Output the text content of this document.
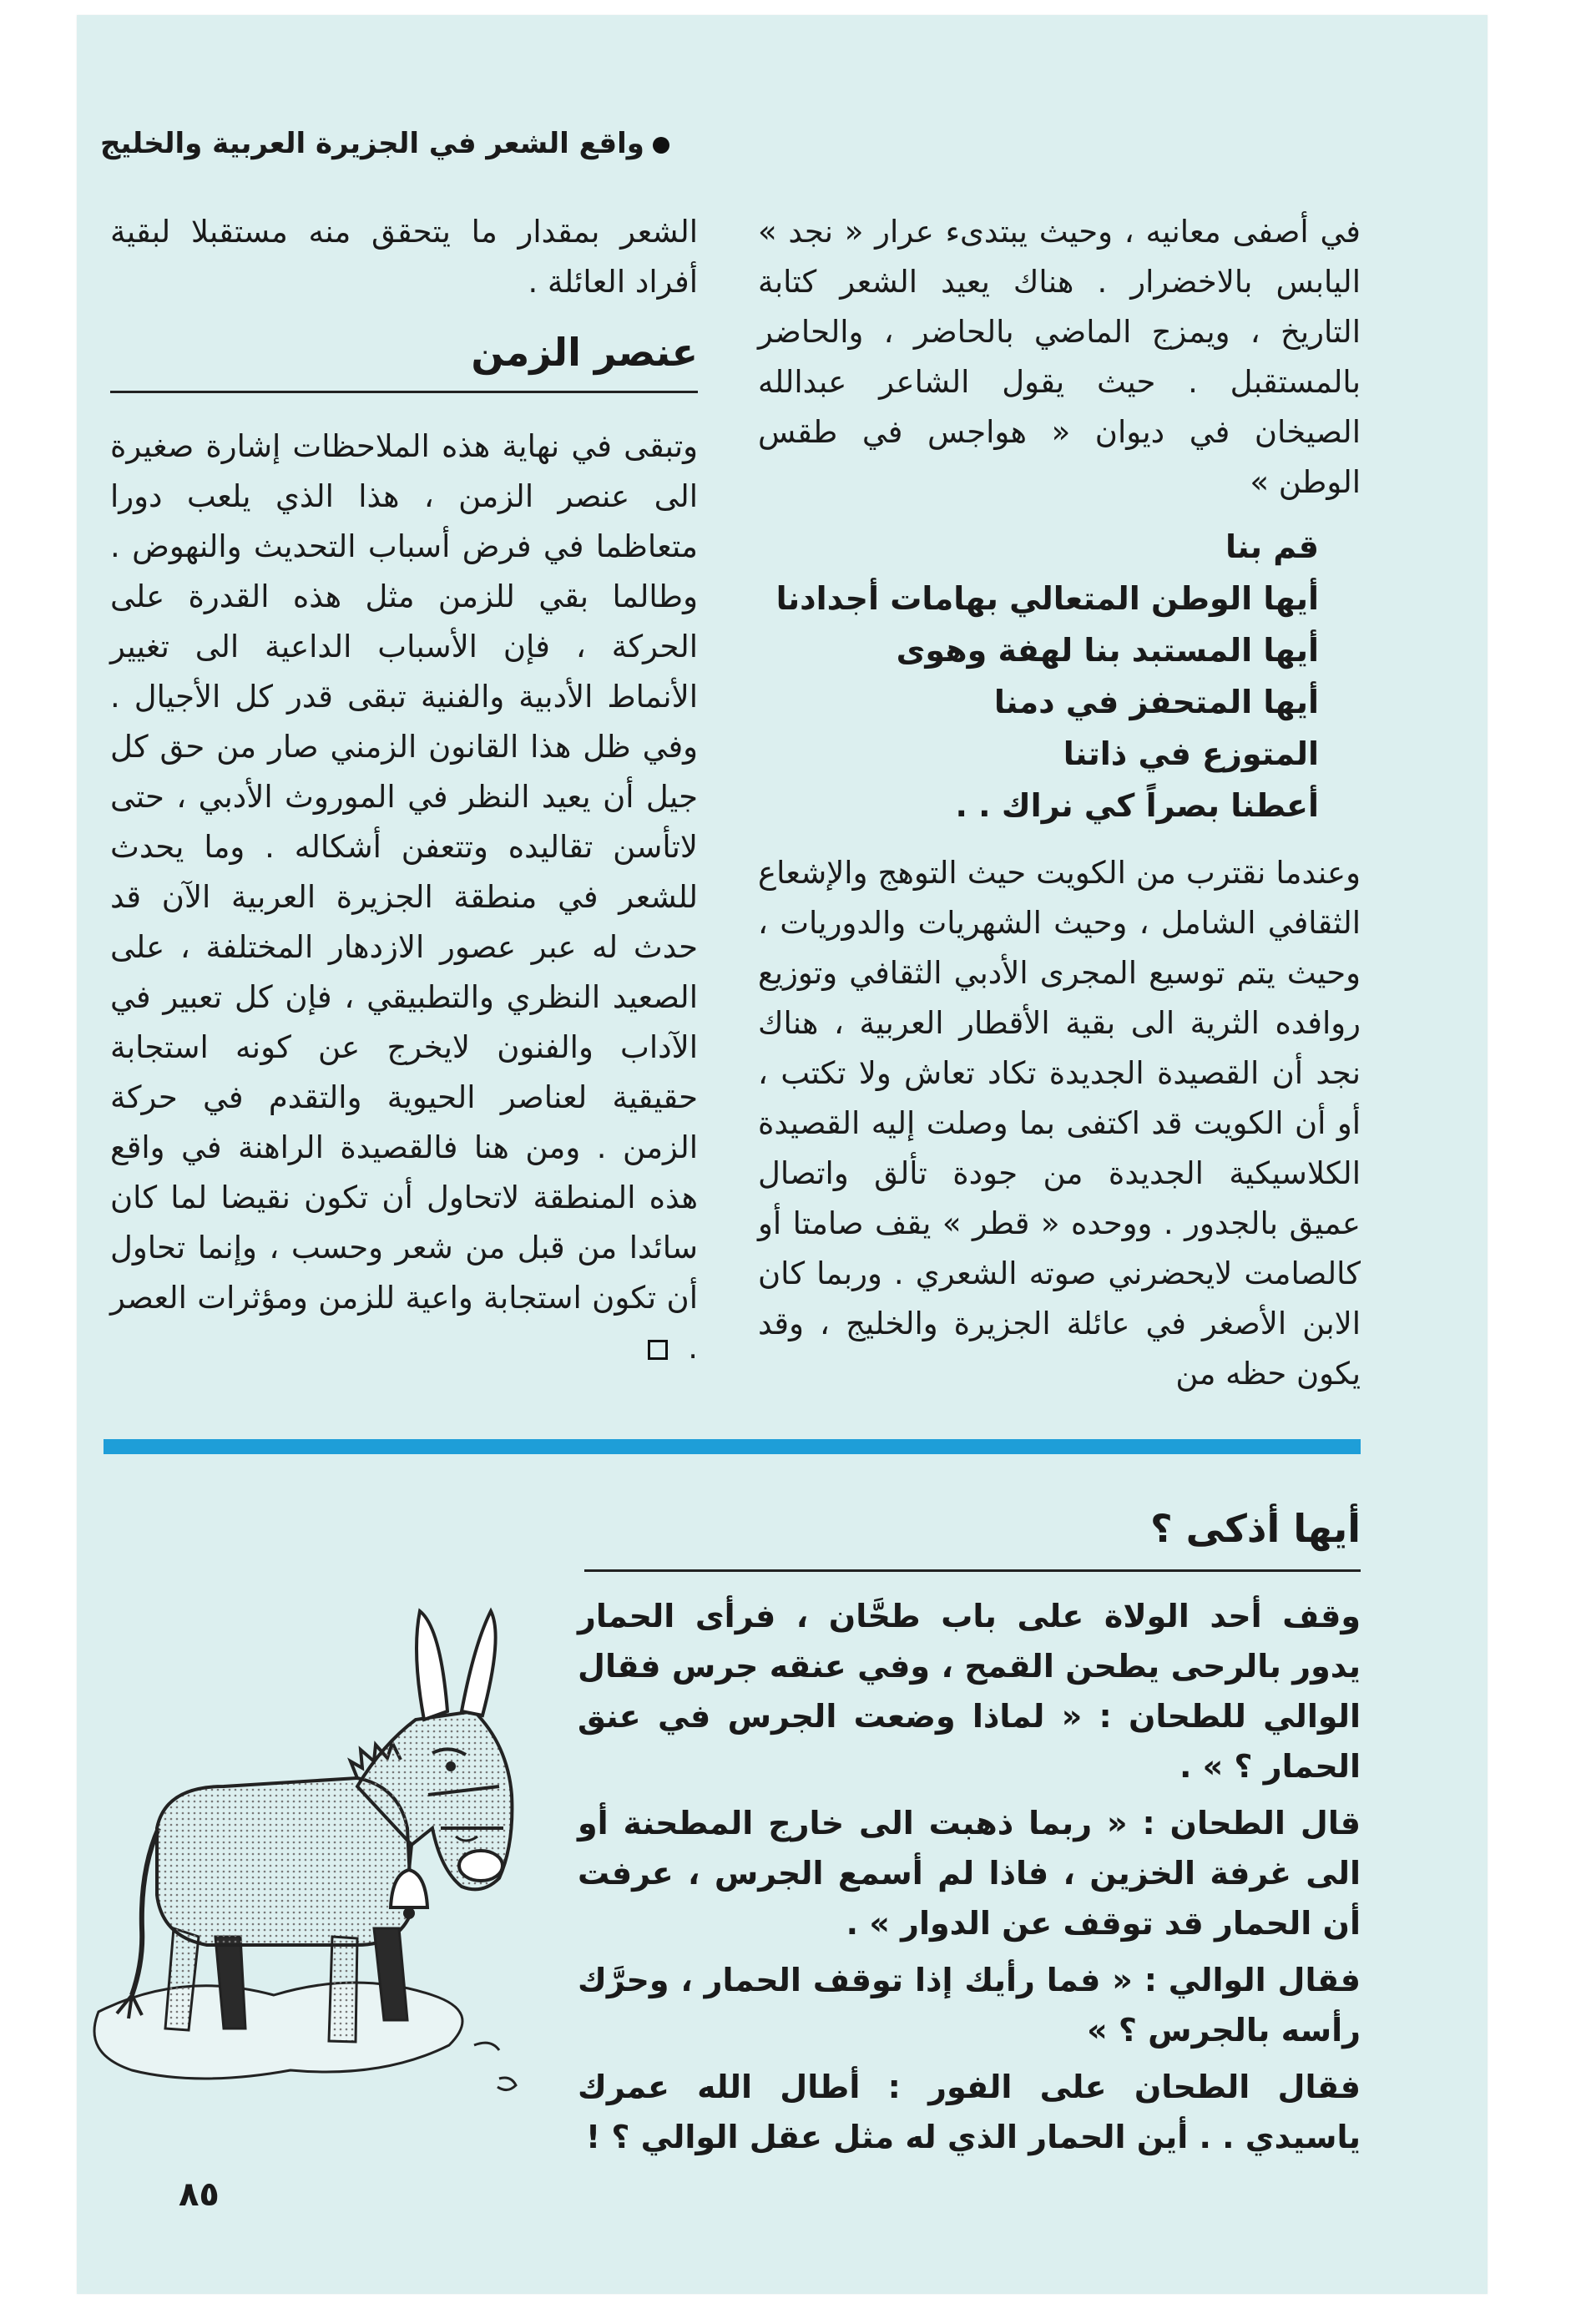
واقع الشعر في الجزيرة العربية والخليج

في أصفى معانيه ، وحيث يبتدىء عرار « نجد » اليابس بالاخضرار . هناك يعيد الشعر كتابة التاريخ ، ويمزج الماضي بالحاضر ، والحاضر بالمستقبل . حيث يقول الشاعر عبدالله الصيخان في ديوان « هواجس في طقس الوطن »

قم بنا
أيها الوطن المتعالي بهامات أجدادنا
أيها المستبد بنا لهفة وهوى
أيها المتحفز في دمنا
المتوزع في ذاتنا
أعطنا بصراً كي نراك . .

وعندما نقترب من الكويت حيث التوهج والإشعاع الثقافي الشامل ، وحيث الشهريات والدوريات ، وحيث يتم توسيع المجرى الأدبي الثقافي وتوزيع روافده الثرية الى بقية الأقطار العربية ، هناك نجد أن القصيدة الجديدة تكاد تعاش ولا تكتب ، أو أن الكويت قد اكتفى بما وصلت إليه القصيدة الكلاسيكية الجديدة من جودة تألق واتصال عميق بالجدور . ووحده « قطر » يقف صامتا أو كالصامت لايحضرني صوته الشعري . وربما كان الابن الأصغر في عائلة الجزيرة والخليج ، وقد يكون حظه من

الشعر بمقدار ما يتحقق منه مستقبلا لبقية أفراد العائلة .

عنصر الزمن

وتبقى في نهاية هذه الملاحظات إشارة صغيرة الى عنصر الزمن ، هذا الذي يلعب دورا متعاظما في فرض أسباب التحديث والنهوض . وطالما بقي للزمن مثل هذه القدرة على الحركة ، فإن الأسباب الداعية الى تغيير الأنماط الأدبية والفنية تبقى قدر كل الأجيال . وفي ظل هذا القانون الزمني صار من حق كل جيل أن يعيد النظر في الموروث الأدبي ، حتى لاتأسن تقاليده وتتعفن أشكاله . وما يحدث للشعر في منطقة الجزيرة العربية الآن قد حدث له عبر عصور الازدهار المختلفة ، على الصعيد النظري والتطبيقي ، فإن كل تعبير في الآداب والفنون لايخرج عن كونه استجابة حقيقية لعناصر الحيوية والتقدم في حركة الزمن . ومن هنا فالقصيدة الراهنة في واقع هذه المنطقة لاتحاول أن تكون نقيضا لما كان سائدا من قبل من شعر وحسب ، وإنما تحاول أن تكون استجابة واعية للزمن ومؤثرات العصر .

أيها أذكى ؟

وقف أحد الولاة على باب طحَّان ، فرأى الحمار يدور بالرحى يطحن القمح ، وفي عنقه جرس فقال الوالي للطحان : « لماذا وضعت الجرس في عنق الحمار ؟ » .

قال الطحان : « ربما ذهبت الى خارج المطحنة أو الى غرفة الخزين ، فاذا لم أسمع الجرس ، عرفت أن الحمار قد توقف عن الدوار » .

فقال الوالي : « فما رأيك إذا توقف الحمار ، وحرَّك رأسه بالجرس ؟ »

فقال الطحان على الفور : أطال الله عمرك ياسيدي . . أين الحمار الذي له مثل عقل الوالي ؟ !

٨٥
